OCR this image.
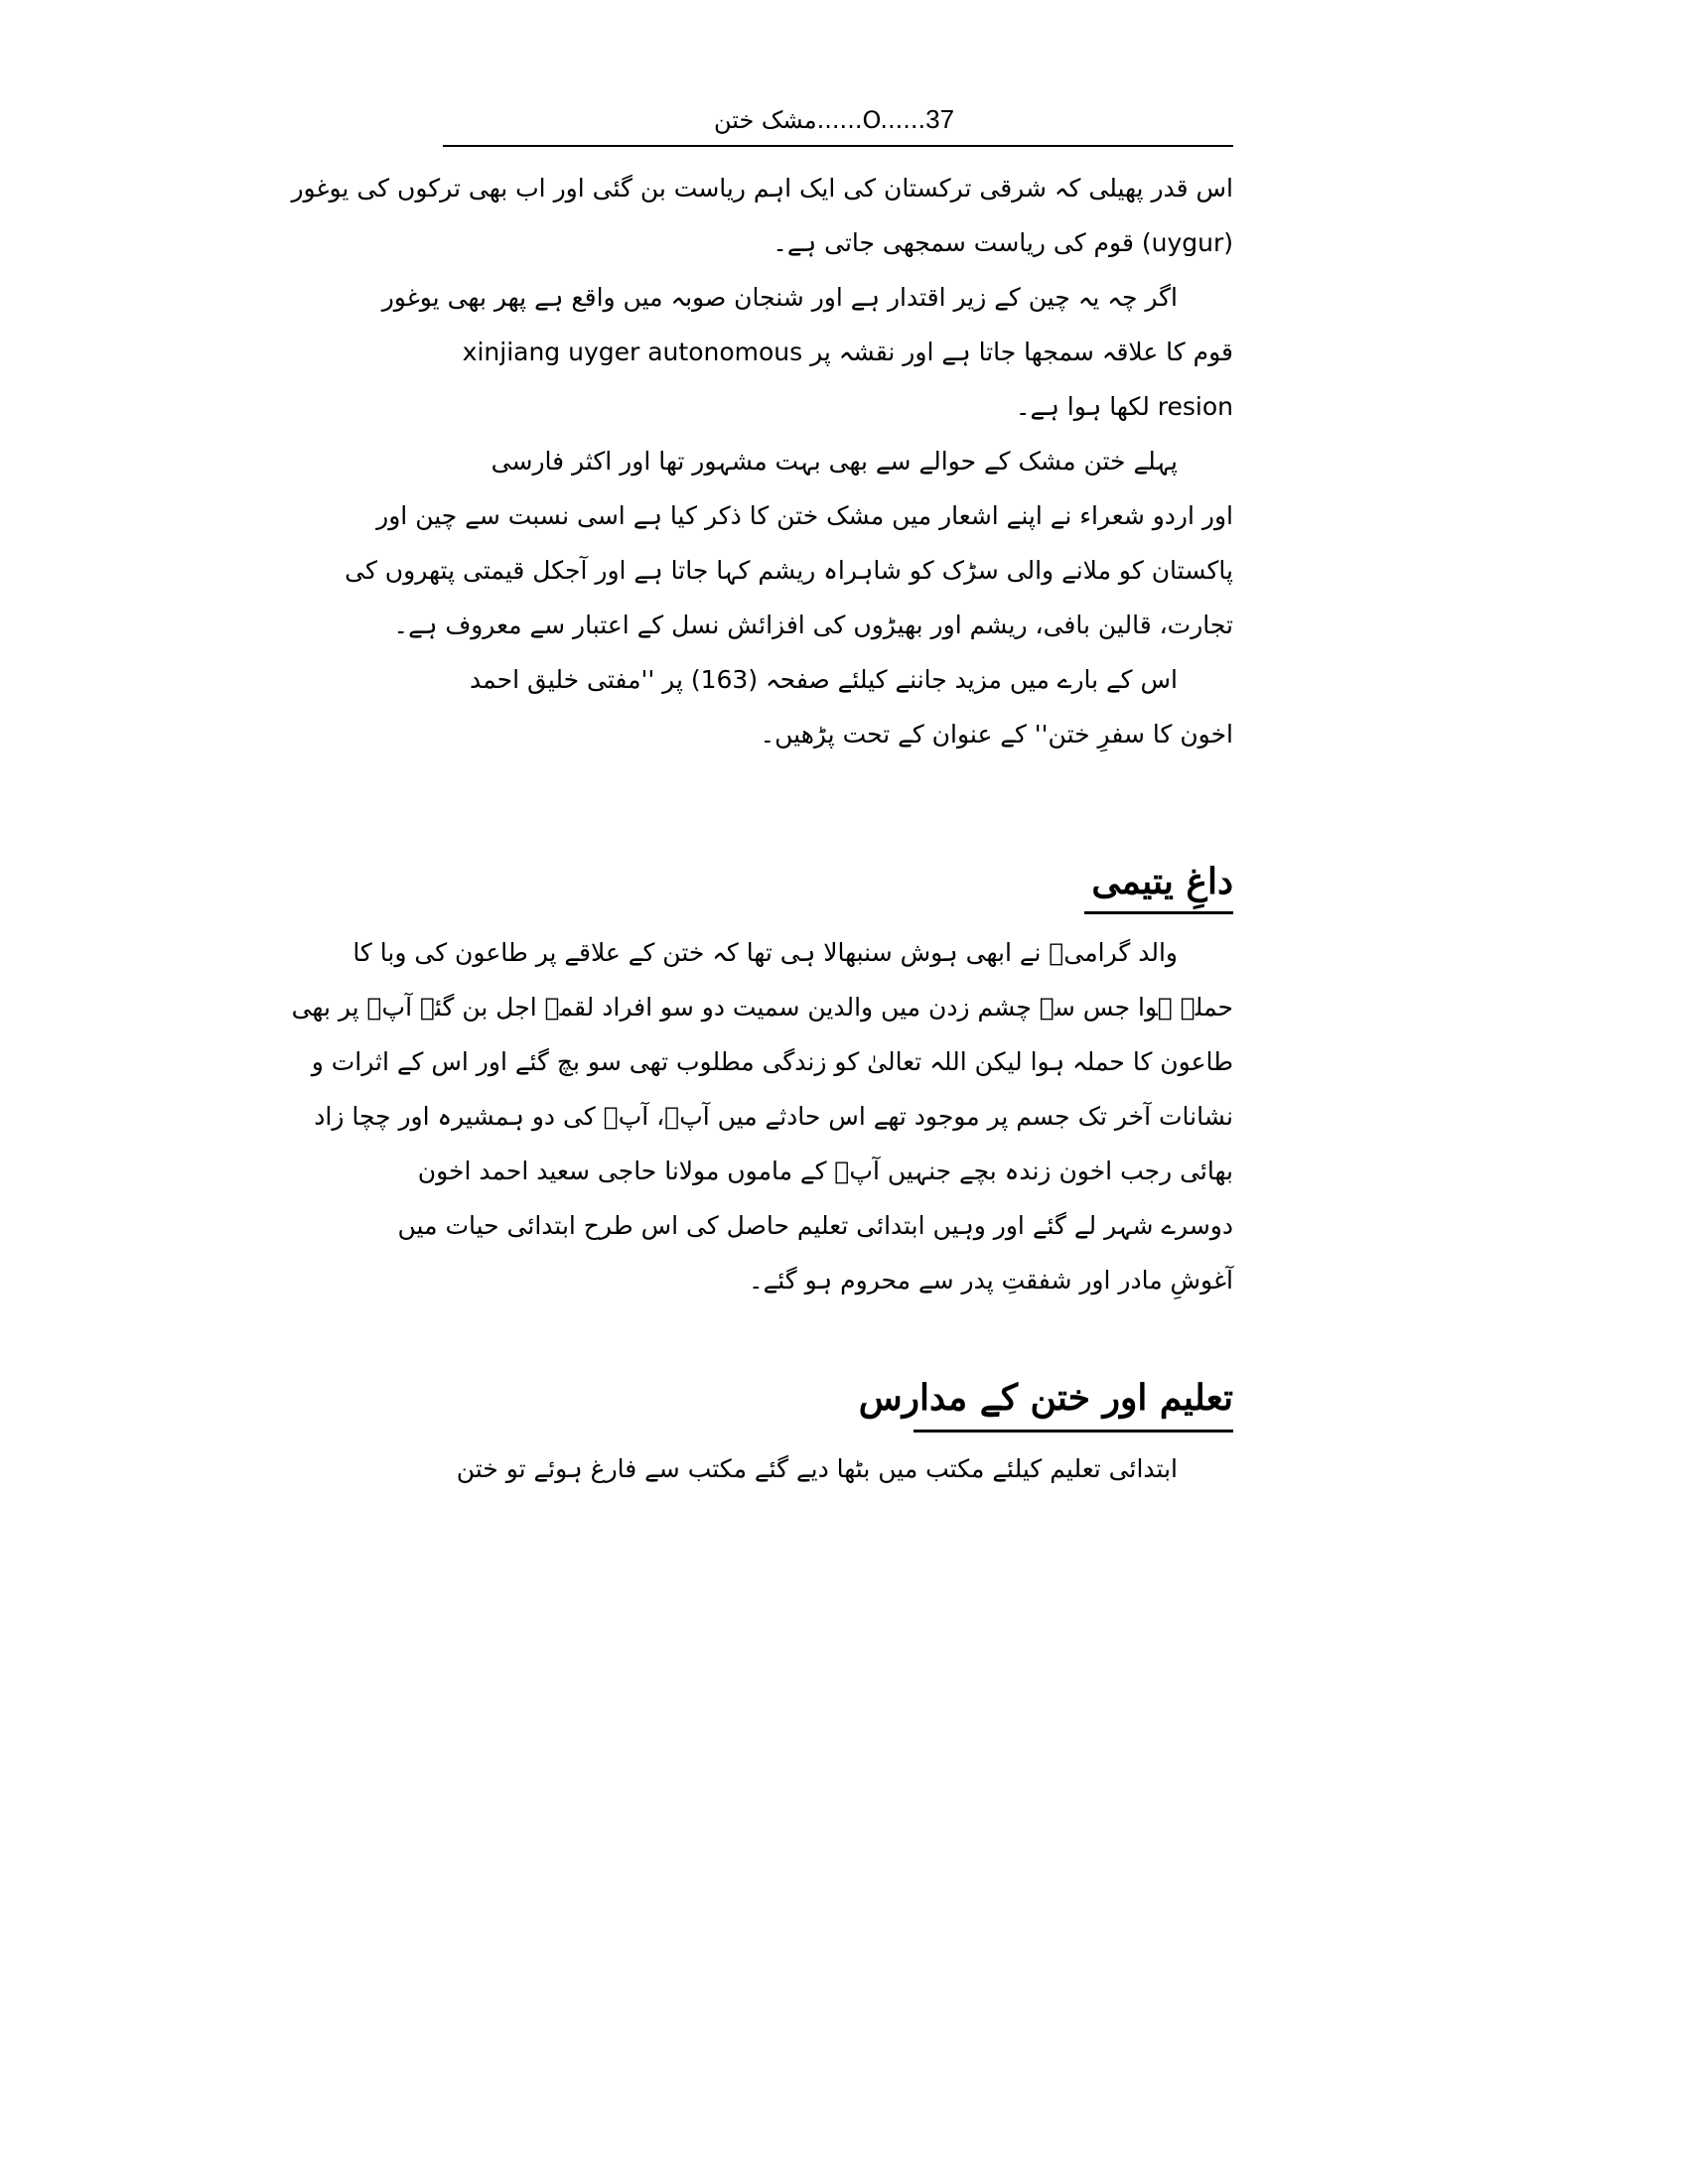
مشک ختن......O......37
اس قدر پھیلی کہ شرقی ترکستان کی ایک اہم ریاست بن گئی اور اب بھی ترکوں کی یوغور
(uygur) قوم کی ریاست سمجھی جاتی ہے۔
اگر چہ یہ چین کے زیر اقتدار ہے اور شنجان صوبہ میں واقع ہے پھر بھی یوغور
قوم کا علاقہ سمجھا جاتا ہے اور نقشہ پر xinjiang uyger autonomous
resion لکھا ہوا ہے۔
پہلے ختن مشک کے حوالے سے بھی بہت مشہور تھا اور اکثر فارسی
اور اردو شعراء نے اپنے اشعار میں مشک ختن کا ذکر کیا ہے اسی نسبت سے چین اور
پاکستان کو ملانے والی سڑک کو شاہراہ ریشم کہا جاتا ہے اور آجکل قیمتی پتھروں کی
تجارت، قالین بافی، ریشم اور بھیڑوں کی افزائش نسل کے اعتبار سے معروف ہے۔
اس کے بارے میں مزید جاننے کیلئے صفحہ (163) پر ''مفتی خلیق احمد
اخون کا سفرِ ختن'' کے عنوان کے تحت پڑھیں۔
داغِ یتیمی
والد گرامیؒ نے ابھی ہوش سنبھالا ہی تھا کہ ختن کے علاقے پر طاعون کی وبا کا
حملہ ہوا جس سے چشم زدن میں والدین سمیت دو سو افراد لقمہ اجل بن گئے آپؒ پر بھی
طاعون کا حملہ ہوا لیکن اللہ تعالیٰ کو زندگی مطلوب تھی سو بچ گئے اور اس کے اثرات و
نشانات آخر تک جسم پر موجود تھے اس حادثے میں آپؒ، آپؒ کی دو ہمشیرہ اور چچا زاد
بھائی رجب اخون زندہ بچے جنہیں آپؒ کے ماموں مولانا حاجی سعید احمد اخون
دوسرے شہر لے گئے اور وہیں ابتدائی تعلیم حاصل کی اس طرح ابتدائی حیات میں
آغوشِ مادر اور شفقتِ پدر سے محروم ہو گئے۔
تعلیم اور ختن کے مدارس
ابتدائی تعلیم کیلئے مکتب میں بٹھا دیے گئے مکتب سے فارغ ہوئے تو ختن
